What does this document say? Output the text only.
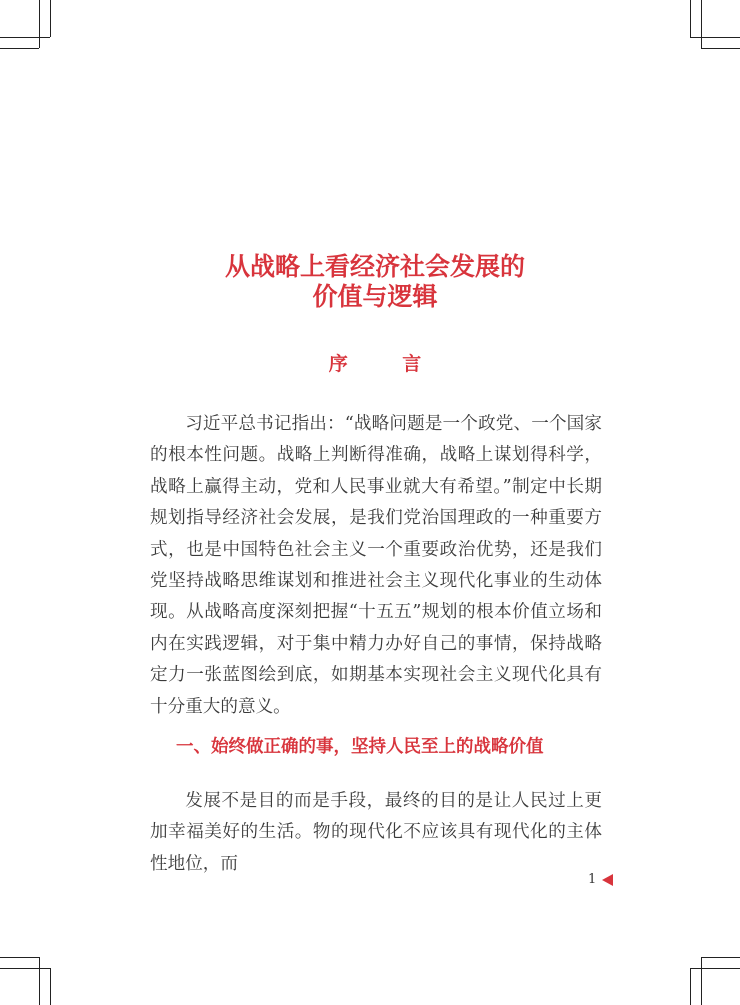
从战略上看经济社会发展的
价值与逻辑
序 言

习近平总书记指出：“战略问题是一个政党、一个国家的根本性问题。战略上判断得准确，战略上谋划得科学，战略上赢得主动，党和人民事业就大有希望。”制定中长期规划指导经济社会发展，是我们党治国理政的一种重要方式，也是中国特色社会主义一个重要政治优势，还是我们党坚持战略思维谋划和推进社会主义现代化事业的生动体现。从战略高度深刻把握“十五五”规划的根本价值立场和内在实践逻辑，对于集中精力办好自己的事情，保持战略定力一张蓝图绘到底，如期基本实现社会主义现代化具有十分重大的意义。

一、始终做正确的事，坚持人民至上的战略价值

发展不是目的而是手段，最终的目的是让人民过上更加幸福美好的生活。物的现代化不应该具有现代化的主体性地位，而

1
